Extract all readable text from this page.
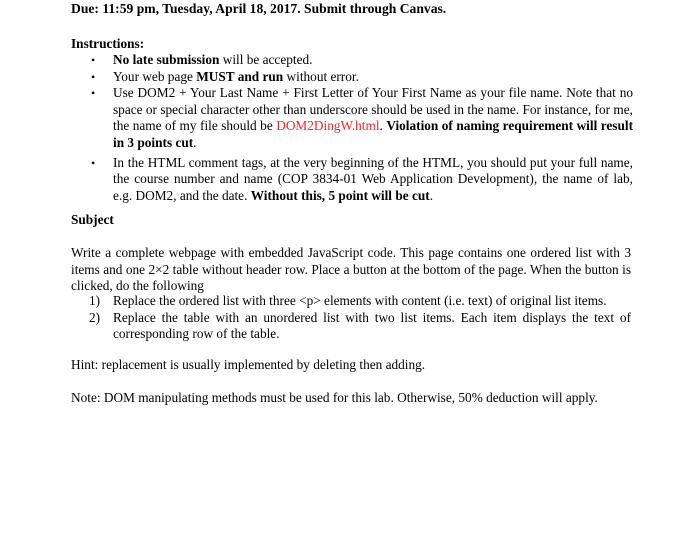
Due: 11:59 pm, Tuesday, April 18, 2017. Submit through Canvas.
Instructions:
• No late submission will be accepted.
• Your web page MUST and run without error.
• Use DOM2 + Your Last Name + First Letter of Your First Name as your file name. Note that no space or special character other than underscore should be used in the name. For instance, for me, the name of my file should be DOM2DingW.html. Violation of naming requirement will result in 3 points cut.
• In the HTML comment tags, at the very beginning of the HTML, you should put your full name, the course number and name (COP 3834-01 Web Application Development), the name of lab, e.g. DOM2, and the date. Without this, 5 point will be cut.
Subject
Write a complete webpage with embedded JavaScript code. This page contains one ordered list with 3 items and one 2×2 table without header row. Place a button at the bottom of the page. When the button is clicked, do the following
1) Replace the ordered list with three <p> elements with content (i.e. text) of original list items.
2) Replace the table with an unordered list with two list items. Each item displays the text of corresponding row of the table.
Hint: replacement is usually implemented by deleting then adding.
Note: DOM manipulating methods must be used for this lab. Otherwise, 50% deduction will apply.
